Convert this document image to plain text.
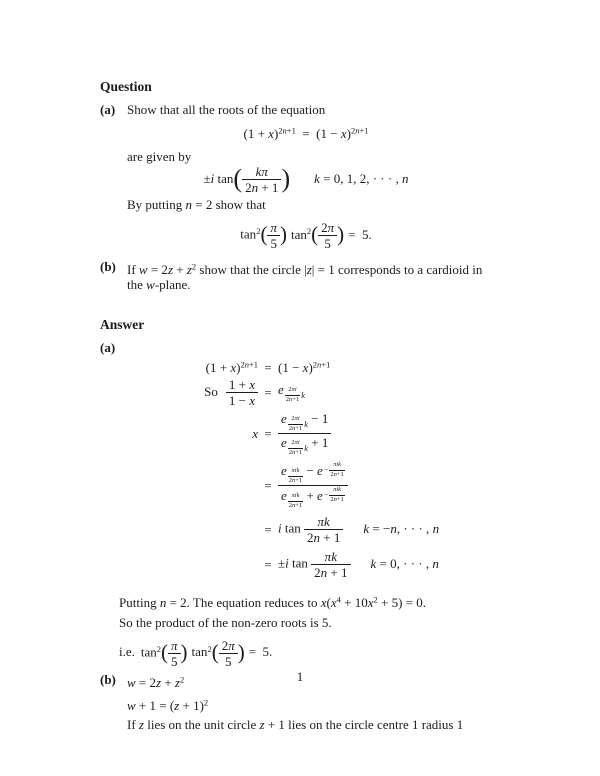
Question
(a) Show that all the roots of the equation
$(1 + x)^{2n+1}$ = $(1 - x)^{2n+1}$
are given by
±i $\tan( \frac{k\pi}{2n + 1}$ ) k = 0, 1, 2, · · · , n
By putting n = 2 show that
$\tan^2( \frac{\pi}{5}$ ) $\tan^2( \frac{2\pi}{5}$ ) = 5.
(b) If $w = 2z + z^2$ show that the circle |z| = 1 corresponds to a cardioid in
the w-plane.
Answer
(a)
$(1 + x)^{2n+1} = (1 - x)^{2n+1}$
So $\frac{1 + x}{1 - x} = e \frac{2\pi i}{2n+1}$ k
$x = \frac{e \frac{2\pi i}{2n+1} k - 1}{e \frac{2\pi i}{2n+1} k + 1}$
= e πik
2n+1
− e −
πik
2n+1
e πik
2n+1
+ e −
πik
2n+1
= i $\tan \frac{\pi k}{2n + 1}$ k = −n, · · · , n
= ±i $\tan \frac{\pi k}{2n + 1}$ k = 0, · · · , n
Putting n = 2. The equation reduces to $x(x^4 + 10x^2 + 5) = 0$.
So the product of the non-zero roots is 5.
i.e. $\tan^2( \frac{\pi}{5}$ ) $\tan^2( \frac{2\pi}{5}$ ) = 5.
(b) $w = 2z + z^2$
$w + 1 = (z + 1)^2$
If z lies on the unit circle z + 1 lies on the circle centre 1 radius 1
1
